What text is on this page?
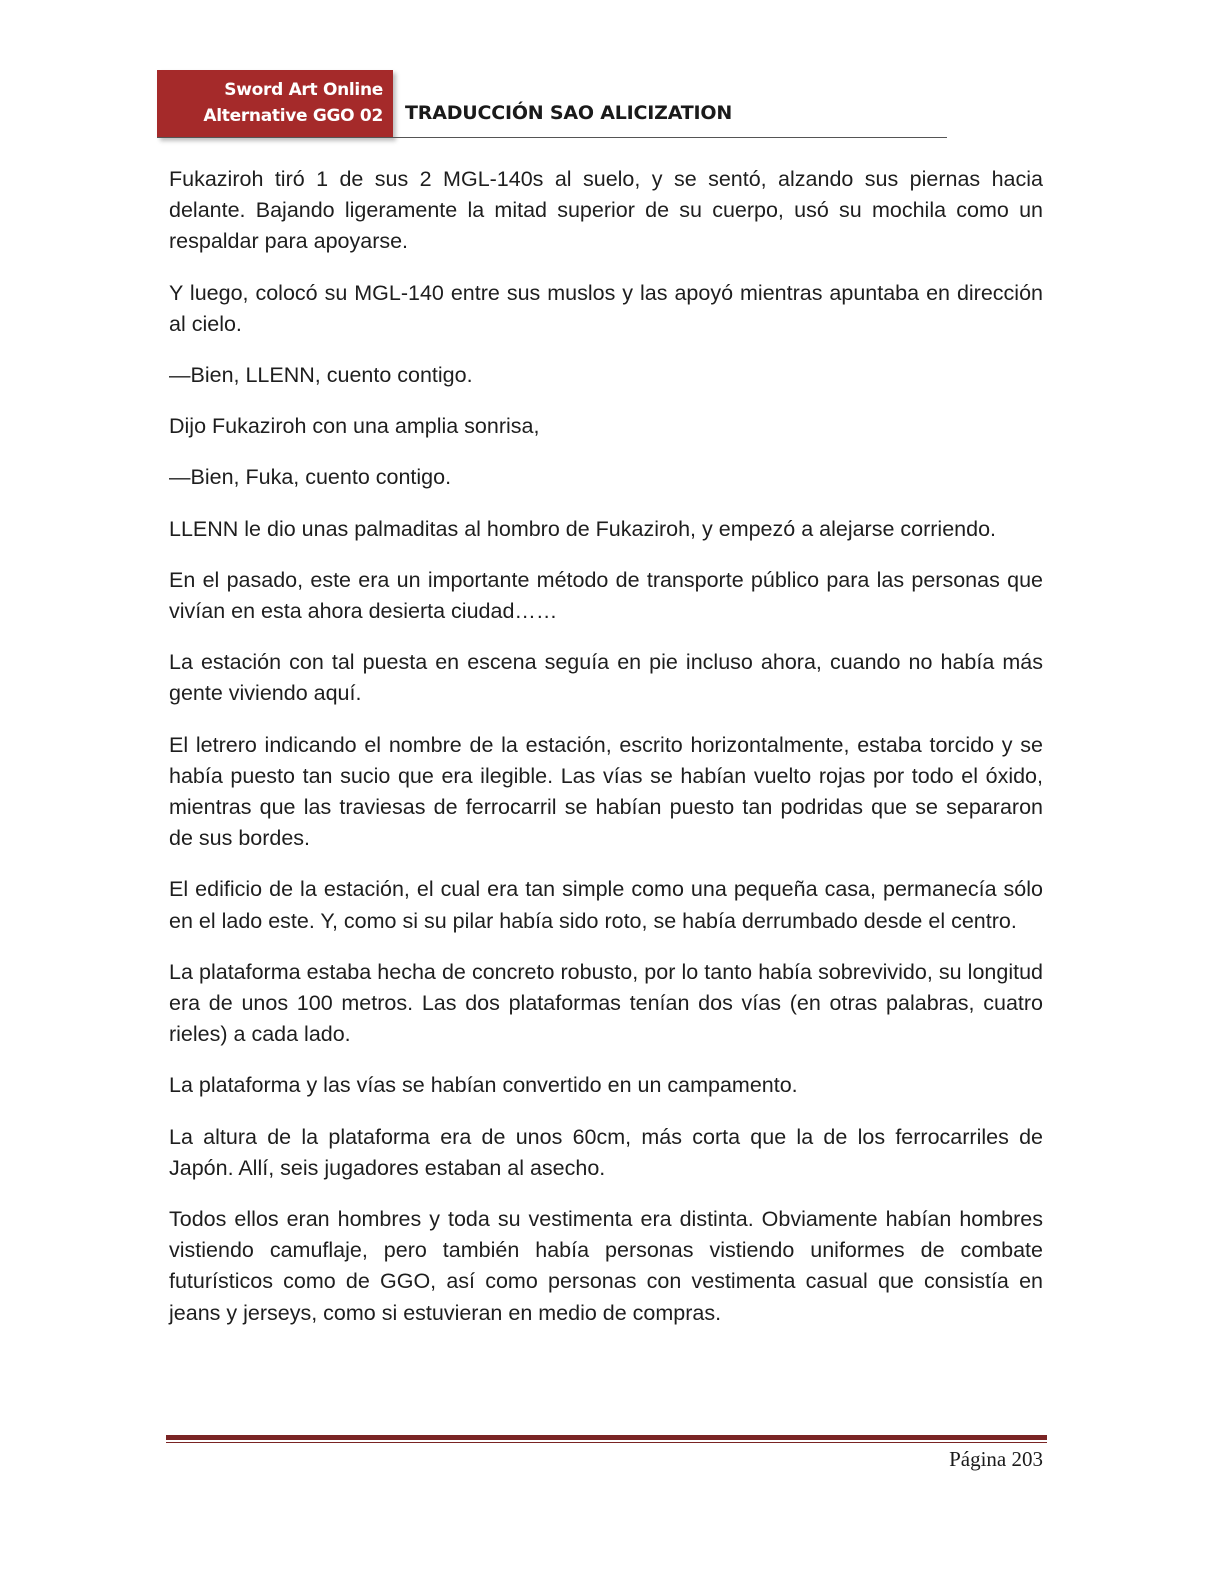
Sword Art Online
Alternative GGO 02 TRADUCCIÓN SAO ALICIZATION

Fukaziroh tiró 1 de sus 2 MGL-140s al suelo, y se sentó, alzando sus piernas hacia delante. Bajando ligeramente la mitad superior de su cuerpo, usó su mochila como un respaldar para apoyarse.

Y luego, colocó su MGL-140 entre sus muslos y las apoyó mientras apuntaba en dirección al cielo.

—Bien, LLENN, cuento contigo.

Dijo Fukaziroh con una amplia sonrisa,

—Bien, Fuka, cuento contigo.

LLENN le dio unas palmaditas al hombro de Fukaziroh, y empezó a alejarse corriendo.

En el pasado, este era un importante método de transporte público para las personas que vivían en esta ahora desierta ciudad……

La estación con tal puesta en escena seguía en pie incluso ahora, cuando no había más gente viviendo aquí.

El letrero indicando el nombre de la estación, escrito horizontalmente, estaba torcido y se había puesto tan sucio que era ilegible. Las vías se habían vuelto rojas por todo el óxido, mientras que las traviesas de ferrocarril se habían puesto tan podridas que se separaron de sus bordes.

El edificio de la estación, el cual era tan simple como una pequeña casa, permanecía sólo en el lado este. Y, como si su pilar había sido roto, se había derrumbado desde el centro.

La plataforma estaba hecha de concreto robusto, por lo tanto había sobrevivido, su longitud era de unos 100 metros. Las dos plataformas tenían dos vías (en otras palabras, cuatro rieles) a cada lado.

La plataforma y las vías se habían convertido en un campamento.

La altura de la plataforma era de unos 60cm, más corta que la de los ferrocarriles de Japón. Allí, seis jugadores estaban al asecho.

Todos ellos eran hombres y toda su vestimenta era distinta. Obviamente habían hombres vistiendo camuflaje, pero también había personas vistiendo uniformes de combate futurísticos como de GGO, así como personas con vestimenta casual que consistía en jeans y jerseys, como si estuvieran en medio de compras.

Página 203
